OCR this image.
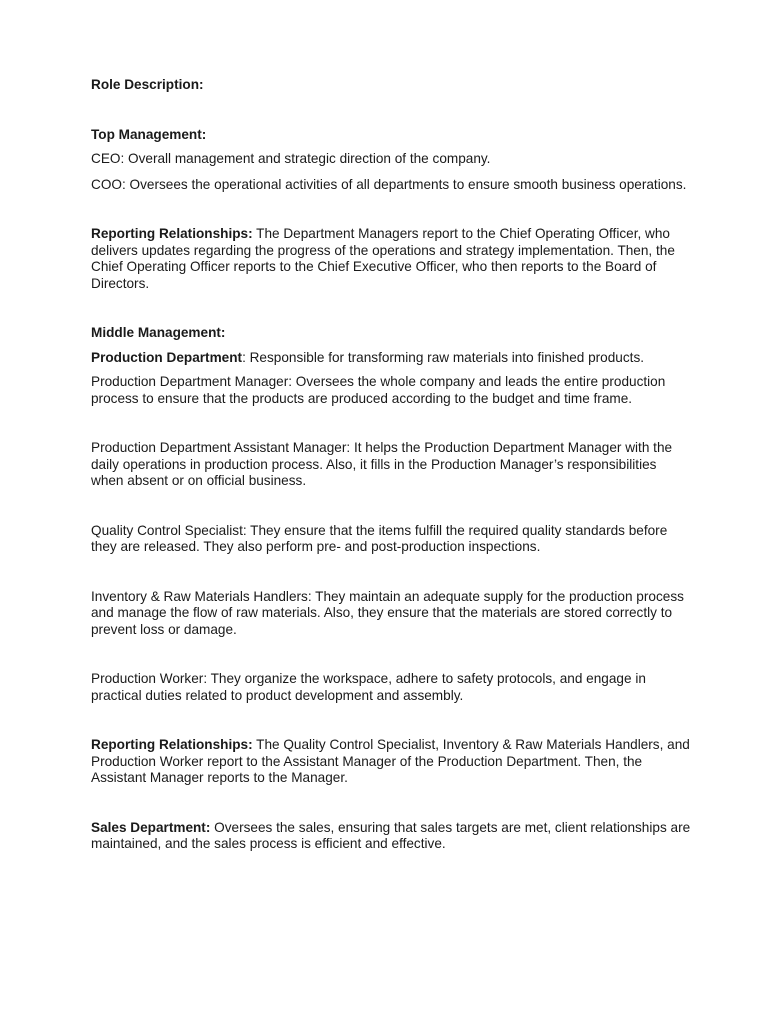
Role Description:

Top Management:

CEO: Overall management and strategic direction of the company.

COO: Oversees the operational activities of all departments to ensure smooth business operations.

Reporting Relationships: The Department Managers report to the Chief Operating Officer, who delivers updates regarding the progress of the operations and strategy implementation. Then, the Chief Operating Officer reports to the Chief Executive Officer, who then reports to the Board of Directors.

Middle Management:

Production Department: Responsible for transforming raw materials into finished products.

Production Department Manager: Oversees the whole company and leads the entire production process to ensure that the products are produced according to the budget and time frame.

Production Department Assistant Manager: It helps the Production Department Manager with the daily operations in production process. Also, it fills in the Production Manager’s responsibilities when absent or on official business.

Quality Control Specialist: They ensure that the items fulfill the required quality standards before they are released. They also perform pre- and post-production inspections.

Inventory & Raw Materials Handlers: They maintain an adequate supply for the production process and manage the flow of raw materials. Also, they ensure that the materials are stored correctly to prevent loss or damage.

Production Worker: They organize the workspace, adhere to safety protocols, and engage in practical duties related to product development and assembly.

Reporting Relationships: The Quality Control Specialist, Inventory & Raw Materials Handlers, and Production Worker report to the Assistant Manager of the Production Department. Then, the Assistant Manager reports to the Manager.

Sales Department: Oversees the sales, ensuring that sales targets are met, client relationships are maintained, and the sales process is efficient and effective.
